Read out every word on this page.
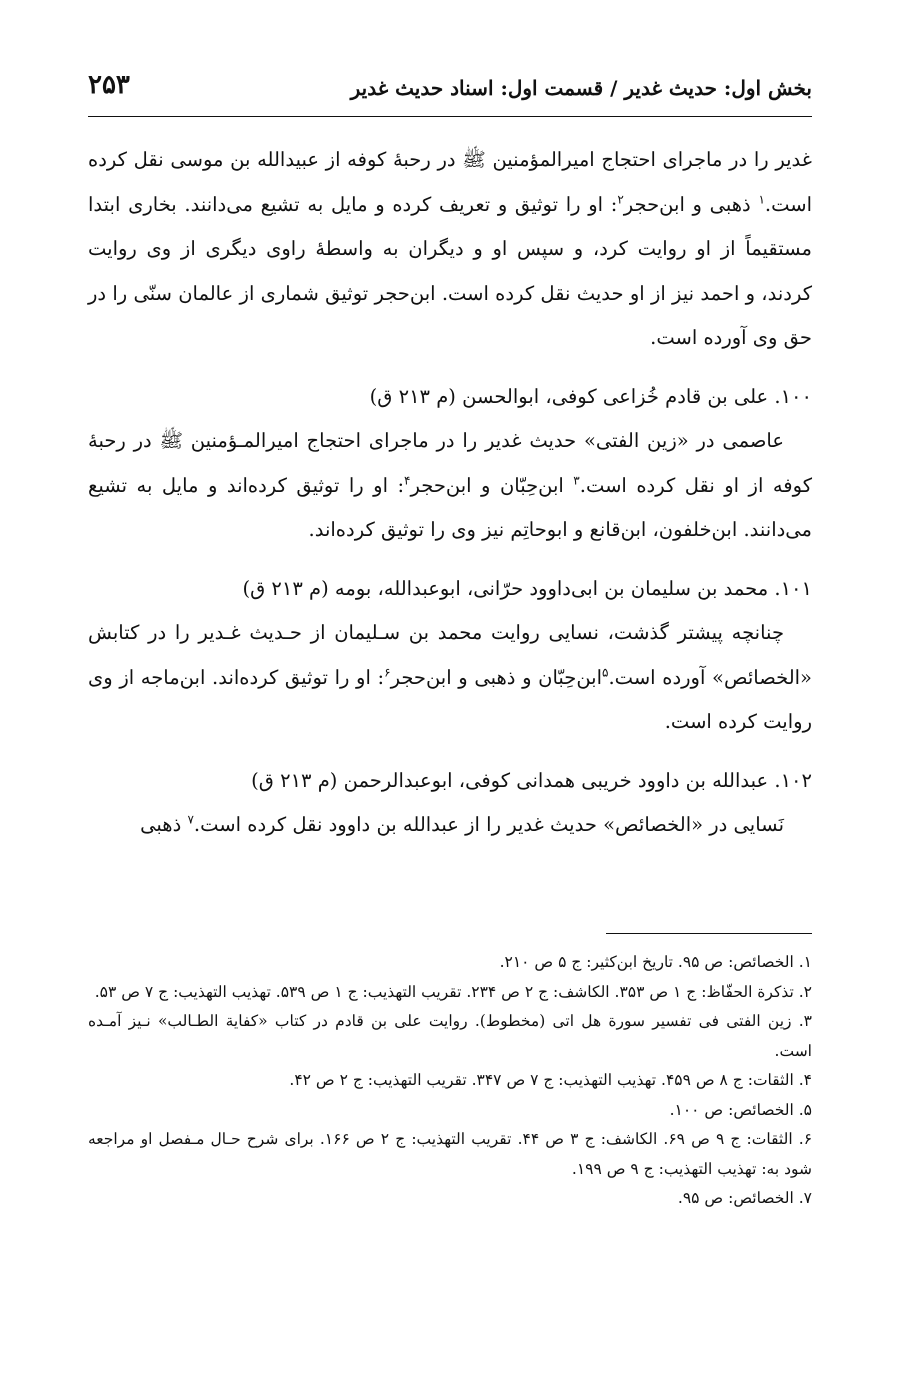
بخش اول: حدیث غدیر / قسمت اول: اسناد حدیث غدیر
۲۵۳

غدیر را در ماجرای احتجاج امیرالمؤمنین ﷺ در رحبهٔ کوفه از عبیدالله بن موسی نقل کرده است.$^۱$ ذهبی و ابن‌حجر$^۲$: او را توثیق و تعریف کرده و مایل به تشیع می‌دانند. بخاری ابتدا مستقیماً از او روایت کرد، و سپس او و دیگران به واسطهٔ راوی دیگری از وی روایت کردند، و احمد نیز از او حدیث نقل کرده است. ابن‌حجر توثیق شماری از عالمان سنّی را در حق وی آورده است.

۱۰۰. علی بن قادم خُزاعی کوفی، ابوالحسن (م ۲۱۳ ق)

عاصمی در «زین الفتی» حدیث غدیر را در ماجرای احتجاج امیرالمـؤمنین ﷺ در رحبهٔ کوفه از او نقل کرده است.$^۳$ ابن‌حِبّان و ابن‌حجر$^۴$: او را توثیق کرده‌اند و مایل به تشیع می‌دانند. ابن‌خلفون، ابن‌قانع و ابوحاتِم نیز وی را توثیق کرده‌اند.

۱۰۱. محمد بن سلیمان بن ابی‌داوود حرّانی، ابوعبدالله، بومه (م ۲۱۳ ق)

چنانچه پیشتر گذشت، نسایی روایت محمد بن سـلیمان از حـدیث غـدیر را در کتابش «الخصائص» آورده است.$^۵$ابن‌حِبّان و ذهبی و ابن‌حجر$^۶$: او را توثیق کرده‌اند. ابن‌ماجه از وی روایت کرده است.

۱۰۲. عبدالله بن داوود خریبی همدانی کوفی، ابوعبدالرحمن (م ۲۱۳ ق)

نَسایی در «الخصائص» حدیث غدیر را از عبدالله بن داوود نقل کرده است.$^۷$ ذهبی

۱. الخصائص: ص ۹۵. تاریخ ابن‌کثیر: ج ۵ ص ۲۱۰.

۲. تذکرة الحفّاظ: ج ۱ ص ۳۵۳. الکاشف: ج ۲ ص ۲۳۴. تقریب التهذیب: ج ۱ ص ۵۳۹. تهذیب التهذیب: ج ۷ ص ۵۳.

۳. زین الفتی فی تفسیر سورة هل اتی (مخطوط). روایت علی بن قادم در کتاب «کفایة الطـالب» نـیز آمـده است.

۴. الثقات: ج ۸ ص ۴۵۹. تهذیب التهذیب: ج ۷ ص ۳۴۷. تقریب التهذیب: ج ۲ ص ۴۲.

۵. الخصائص: ص ۱۰۰.

۶. الثقات: ج ۹ ص ۶۹. الکاشف: ج ۳ ص ۴۴. تقریب التهذیب: ج ۲ ص ۱۶۶. برای شرح حـال مـفصل او مراجعه شود به: تهذیب التهذیب: ج ۹ ص ۱۹۹.

۷. الخصائص: ص ۹۵.
